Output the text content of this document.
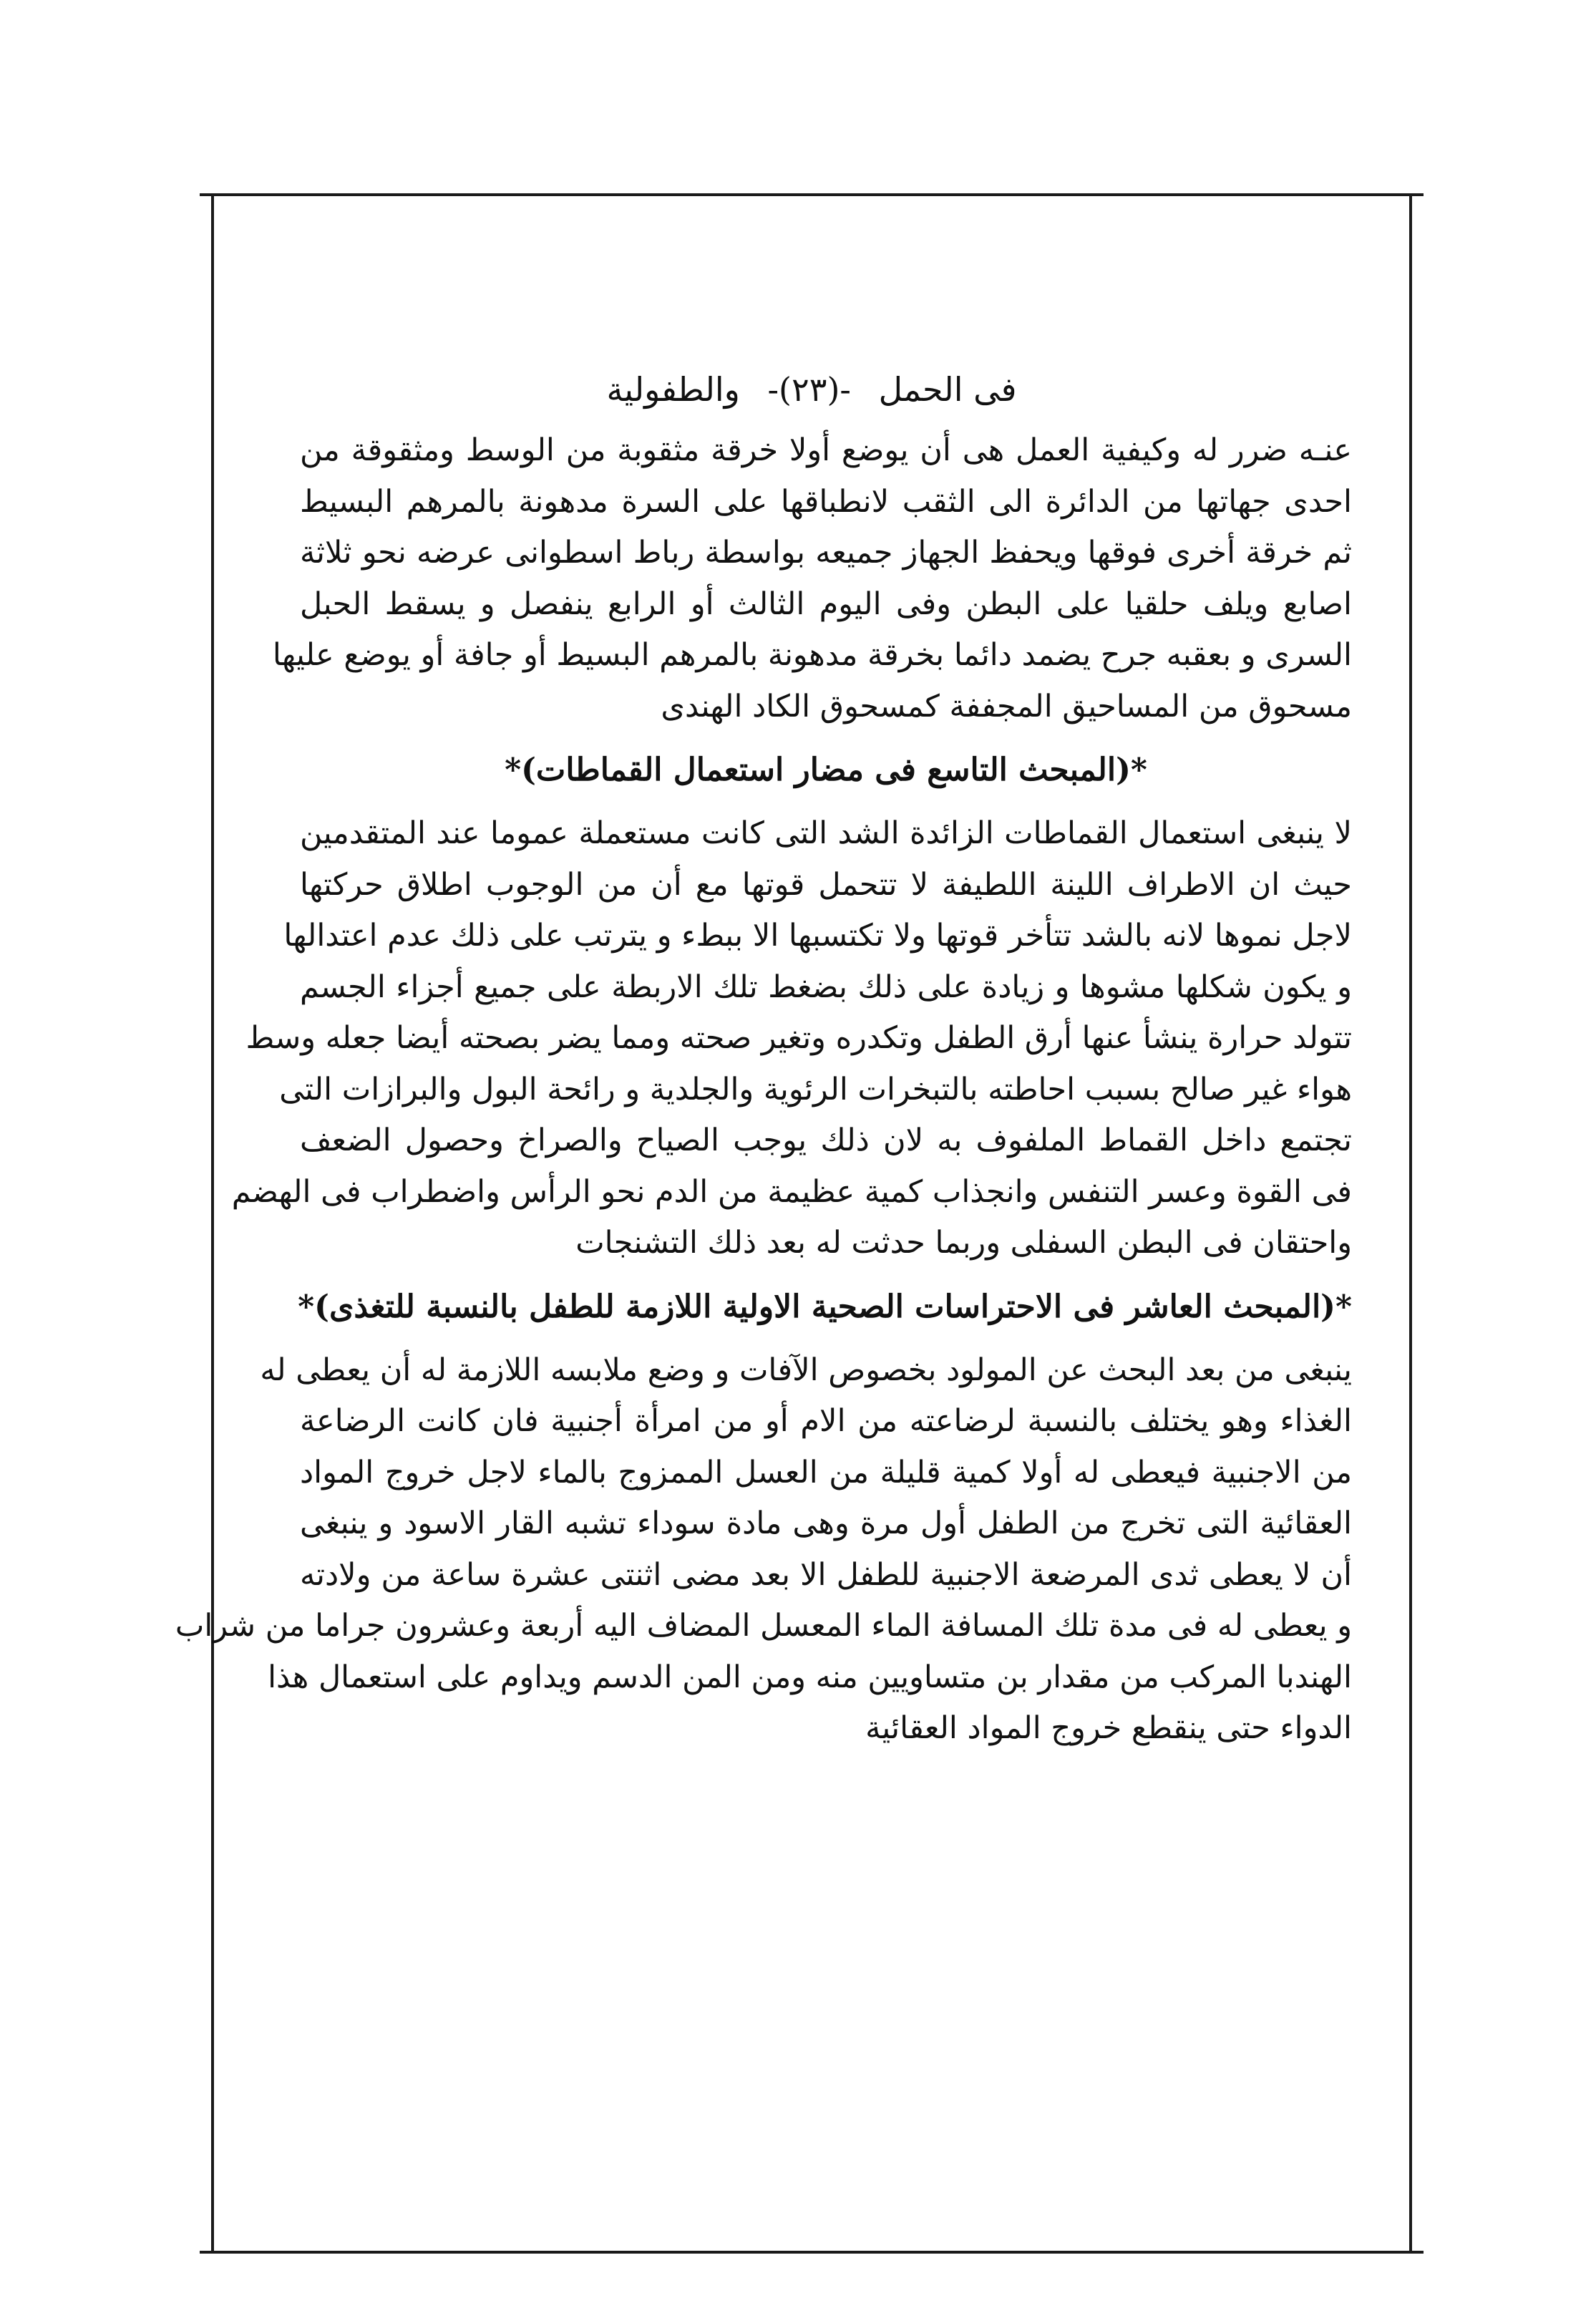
فى الحمل -(٢٣)- والطفولية
عنـه ضرر له وكيفية العمل هى أن يوضع أولا خرقة مثقوبة من الوسط ومثقوقة من
احدى جهاتها من الدائرة الى الثقب لانطباقها على السرة مدهونة بالمرهم البسيط
ثم خرقة أخرى فوقها ويحفظ الجهاز جميعه بواسطة رباط اسطوانى عرضه نحو ثلاثة
اصابع ويلف حلقيا على البطن وفى اليوم الثالث أو الرابع ينفصل و يسقط الحبل
السرى و بعقبه جرح يضمد دائما بخرقة مدهونة بالمرهم البسيط أو جافة أو يوضع عليها
مسحوق من المساحيق المجففة كمسحوق الكاد الهندى
*(المبحث التاسع فى مضار استعمال القماطات)*
لا ينبغى استعمال القماطات الزائدة الشد التى كانت مستعملة عموما عند المتقدمين
حيث ان الاطراف اللينة اللطيفة لا تتحمل قوتها مع أن من الوجوب اطلاق حركتها
لاجل نموها لانه بالشد تتأخر قوتها ولا تكتسبها الا ببطء و يترتب على ذلك عدم اعتدالها
و يكون شكلها مشوها و زيادة على ذلك بضغط تلك الاربطة على جميع أجزاء الجسم
تتولد حرارة ينشأ عنها أرق الطفل وتكدره وتغير صحته ومما يضر بصحته أيضا جعله وسط
هواء غير صالح بسبب احاطته بالتبخرات الرئوية والجلدية و رائحة البول والبرازات التى
تجتمع داخل القماط الملفوف به لان ذلك يوجب الصياح والصراخ وحصول الضعف
فى القوة وعسر التنفس وانجذاب كمية عظيمة من الدم نحو الرأس واضطراب فى الهضم
واحتقان فى البطن السفلى وربما حدثت له بعد ذلك التشنجات
*(المبحث العاشر فى الاحتراسات الصحية الاولية اللازمة للطفل بالنسبة للتغذى)*
ينبغى من بعد البحث عن المولود بخصوص الآفات و وضع ملابسه اللازمة له أن يعطى له
الغذاء وهو يختلف بالنسبة لرضاعته من الام أو من امرأة أجنبية فان كانت الرضاعة
من الاجنبية فيعطى له أولا كمية قليلة من العسل الممزوج بالماء لاجل خروج المواد
العقائية التى تخرج من الطفل أول مرة وهى مادة سوداء تشبه القار الاسود و ينبغى
أن لا يعطى ثدى المرضعة الاجنبية للطفل الا بعد مضى اثنتى عشرة ساعة من ولادته
و يعطى له فى مدة تلك المسافة الماء المعسل المضاف اليه أربعة وعشرون جراما من شراب
الهندبا المركب من مقدار بن متساويين منه ومن المن الدسم ويداوم على استعمال هذا
الدواء حتى ينقطع خروج المواد العقائية
